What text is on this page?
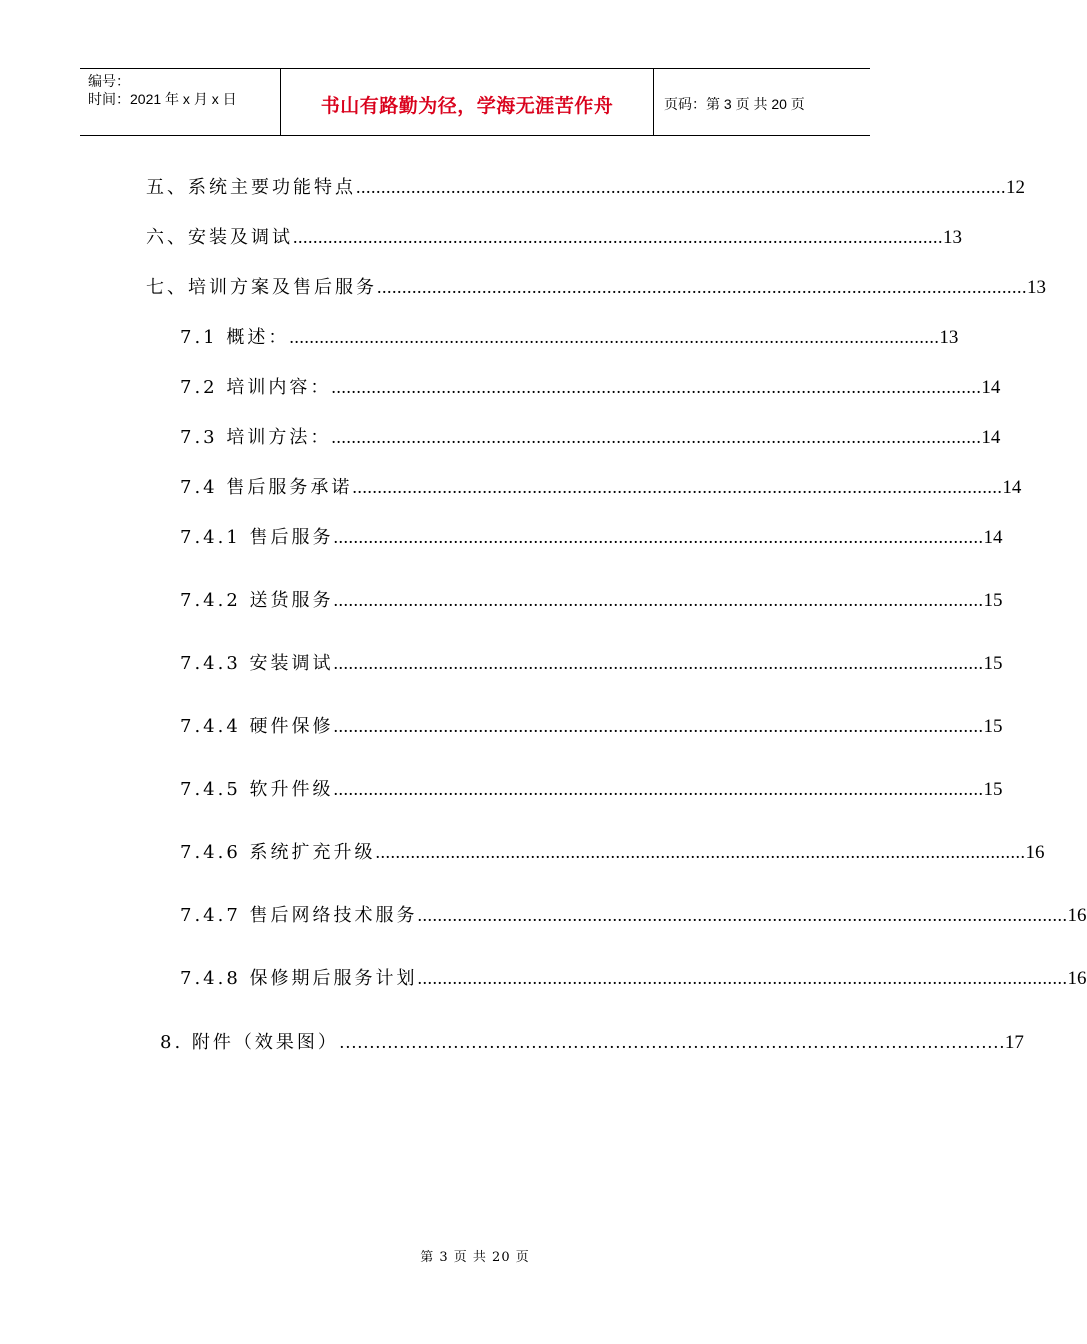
编号：
时间：2021 年 x 月 x 日	书山有路勤为径，学海无涯苦作舟	页码：第 3 页 共 20 页
五、系统主要功能特点 .................................................................................................................................. 12
六、安装及调试 .................................................................................................................................. 13
七、培训方案及售后服务 .................................................................................................................................. 13
7.1 概述： .................................................................................................................................. 13
7.2 培训内容： .................................................................................................................................. 14
7.3 培训方法： .................................................................................................................................. 14
7.4 售后服务承诺 .................................................................................................................................. 14
7.4.1 售后服务 .................................................................................................................................. 14
7.4.2 送货服务 .................................................................................................................................. 15
7.4.3 安装调试 .................................................................................................................................. 15
7.4.4 硬件保修 .................................................................................................................................. 15
7.4.5 软升件级 .................................................................................................................................. 15
7.4.6 系统扩充升级 .................................................................................................................................. 16
7.4.7 售后网络技术服务 .................................................................................................................................. 16
7.4.8 保修期后服务计划 .................................................................................................................................. 16
8. 附件（效果图） ………………………………………………………………………………………………… 17
第 3 页 共 20 页
